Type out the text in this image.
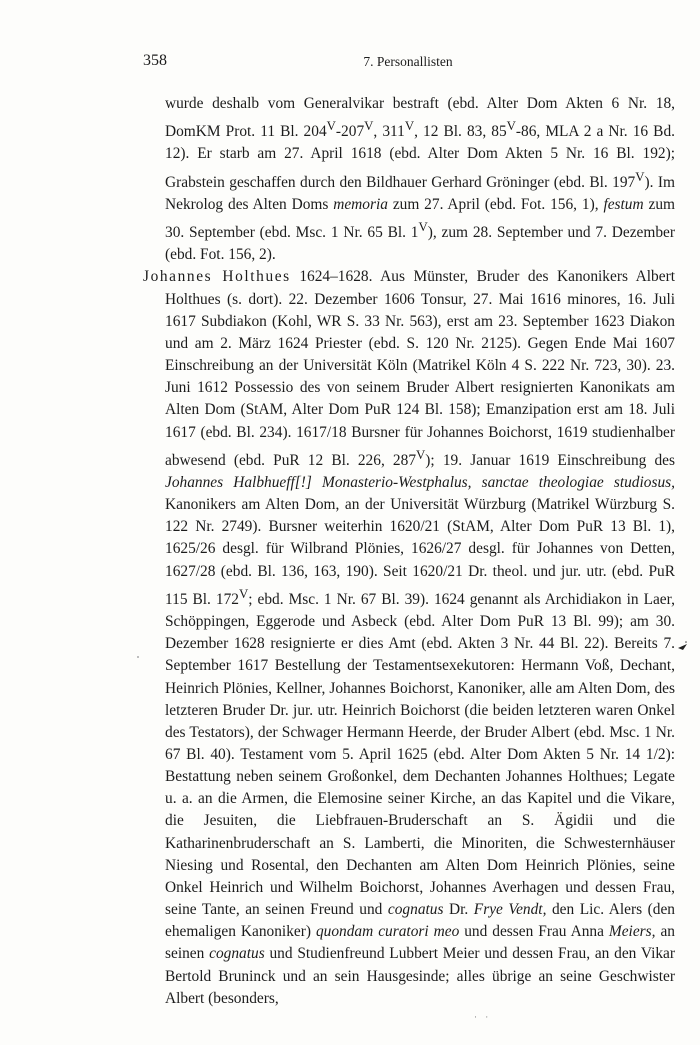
358	7. Personallisten

wurde deshalb vom Generalvikar bestraft (ebd. Alter Dom Akten 6 Nr. 18, DomKM Prot. 11 Bl. $204^V-207^V$, $311^V$, 12 Bl. 83, $85^V-86$, MLA 2 a Nr. 16 Bd. 12). Er starb am 27. April 1618 (ebd. Alter Dom Akten 5 Nr. 16 Bl. 192); Grabstein geschaffen durch den Bildhauer Gerhard Gröninger (ebd. Bl. $197^V$). Im Nekrolog des Alten Doms memoria zum 27. April (ebd. Fot. 156, 1), festum zum 30. September (ebd. Msc. 1 Nr. 65 Bl. $1^V$), zum 28. September und 7. Dezember (ebd. Fot. 156, 2).

Johannes Holthues 1624–1628. Aus Münster, Bruder des Kanonikers Albert Holthues (s. dort). 22. Dezember 1606 Tonsur, 27. Mai 1616 minores, 16. Juli 1617 Subdiakon (Kohl, WR S. 33 Nr. 563), erst am 23. September 1623 Diakon und am 2. März 1624 Priester (ebd. S. 120 Nr. 2125). Gegen Ende Mai 1607 Einschreibung an der Universität Köln (Matrikel Köln 4 S. 222 Nr. 723, 30). 23. Juni 1612 Possessio des von seinem Bruder Albert resignierten Kanonikats am Alten Dom (StAM, Alter Dom PuR 124 Bl. 158); Emanzipation erst am 18. Juli 1617 (ebd. Bl. 234). 1617/18 Bursner für Johannes Boichorst, 1619 studienhalber abwesend (ebd. PuR 12 Bl. 226, $287^V$); 19. Januar 1619 Einschreibung des Johannes Halbhueff[!] Monasterio-Westphalus, sanctae theologiae studiosus, Kanonikers am Alten Dom, an der Universität Würzburg (Matrikel Würzburg S. 122 Nr. 2749). Bursner weiterhin 1620/21 (StAM, Alter Dom PuR 13 Bl. 1), 1625/26 desgl. für Wilbrand Plönies, 1626/27 desgl. für Johannes von Detten, 1627/28 (ebd. Bl. 136, 163, 190). Seit 1620/21 Dr. theol. und jur. utr. (ebd. PuR 115 Bl. $172^V$; ebd. Msc. 1 Nr. 67 Bl. 39). 1624 genannt als Archidiakon in Laer, Schöppingen, Eggerode und Asbeck (ebd. Alter Dom PuR 13 Bl. 99); am 30. Dezember 1628 resignierte er dies Amt (ebd. Akten 3 Nr. 44 Bl. 22). Bereits 7. September 1617 Bestellung der Testamentsexekutoren: Hermann Voß, Dechant, Heinrich Plönies, Kellner, Johannes Boichorst, Kanoniker, alle am Alten Dom, des letzteren Bruder Dr. jur. utr. Heinrich Boichorst (die beiden letzteren waren Onkel des Testators), der Schwager Hermann Heerde, der Bruder Albert (ebd. Msc. 1 Nr. 67 Bl. 40). Testament vom 5. April 1625 (ebd. Alter Dom Akten 5 Nr. 14 1/2): Bestattung neben seinem Großonkel, dem Dechanten Johannes Holthues; Legate u. a. an die Armen, die Elemosine seiner Kirche, an das Kapitel und die Vikare, die Jesuiten, die Liebfrauen-Bruderschaft an S. Ägidii und die Katharinenbruderschaft an S. Lamberti, die Minoriten, die Schwesternhäuser Niesing und Rosental, den Dechanten am Alten Dom Heinrich Plönies, seine Onkel Heinrich und Wilhelm Boichorst, Johannes Averhagen und dessen Frau, seine Tante, an seinen Freund und cognatus Dr. Frye Vendt, den Lic. Alers (den ehemaligen Kanoniker) quondam curatori meo und dessen Frau Anna Meiers, an seinen cognatus und Studienfreund Lubbert Meier und dessen Frau, an den Vikar Bertold Bruninck und an sein Hausgesinde; alles übrige an seine Geschwister Albert (besonders,

· ·
